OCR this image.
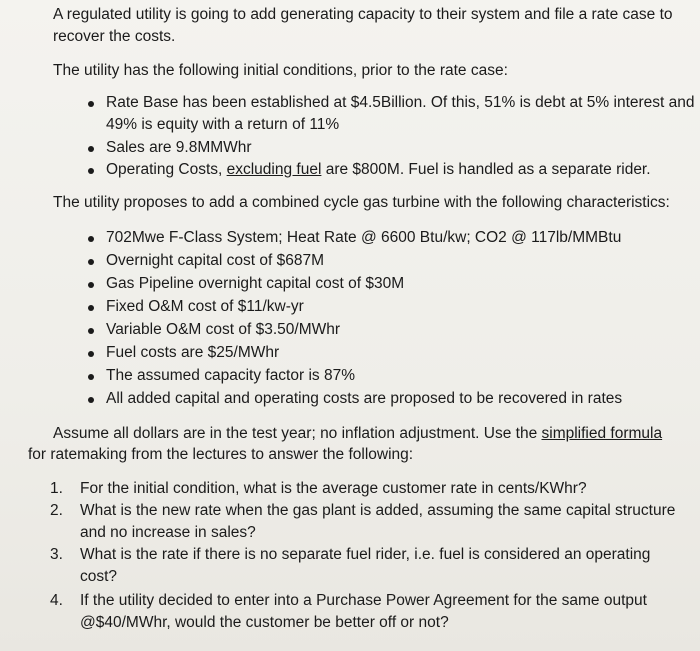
A regulated utility is going to add generating capacity to their system and file a rate case to
recover the costs.
The utility has the following initial conditions, prior to the rate case:
Rate Base has been established at $4.5Billion. Of this, 51% is debt at 5% interest and
49% is equity with a return of 11%
Sales are 9.8MMWhr
Operating Costs, excluding fuel are $800M. Fuel is handled as a separate rider.
The utility proposes to add a combined cycle gas turbine with the following characteristics:
702Mwe F-Class System; Heat Rate @ 6600 Btu/kw; CO2 @ 117lb/MMBtu
Overnight capital cost of $687M
Gas Pipeline overnight capital cost of $30M
Fixed O&M cost of $11/kw-yr
Variable O&M cost of $3.50/MWhr
Fuel costs are $25/MWhr
The assumed capacity factor is 87%
All added capital and operating costs are proposed to be recovered in rates
Assume all dollars are in the test year; no inflation adjustment. Use the simplified formula
for ratemaking from the lectures to answer the following:
1. For the initial condition, what is the average customer rate in cents/KWhr?
2. What is the new rate when the gas plant is added, assuming the same capital structure
and no increase in sales?
3. What is the rate if there is no separate fuel rider, i.e. fuel is considered an operating
cost?
4. If the utility decided to enter into a Purchase Power Agreement for the same output
@$40/MWhr, would the customer be better off or not?
